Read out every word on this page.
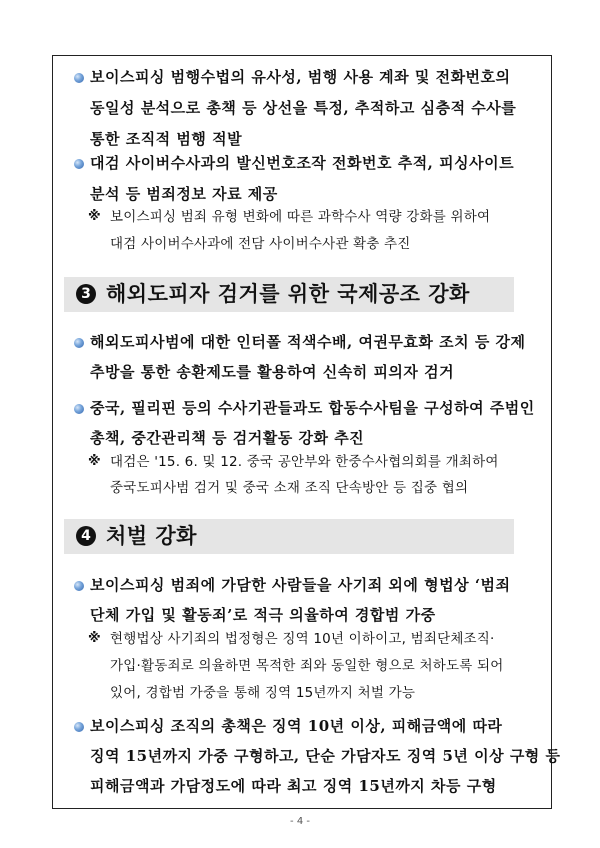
보이스피싱 범행수법의 유사성, 범행 사용 계좌 및 전화번호의
동일성 분석으로 총책 등 상선을 특정, 추적하고 심층적 수사를
통한 조직적 범행 적발
대검 사이버수사과의 발신번호조작 전화번호 추적, 피싱사이트
분석 등 범죄정보 자료 제공
※ 보이스피싱 범죄 유형 변화에 따른 과학수사 역량 강화를 위하여
대검 사이버수사과에 전담 사이버수사관 확충 추진
3 해외도피자 검거를 위한 국제공조 강화
해외도피사범에 대한 인터폴 적색수배, 여권무효화 조치 등 강제
추방을 통한 송환제도를 활용하여 신속히 피의자 검거
중국, 필리핀 등의 수사기관들과도 합동수사팀을 구성하여 주범인
총책, 중간관리책 등 검거활동 강화 추진
※ 대검은 '15. 6. 및 12. 중국 공안부와 한중수사협의회를 개최하여
중국도피사범 검거 및 중국 소재 조직 단속방안 등 집중 협의
4 처벌 강화
보이스피싱 범죄에 가담한 사람들을 사기죄 외에 형법상 ‘범죄
단체 가입 및 활동죄’로 적극 의율하여 경합범 가중
※ 현행법상 사기죄의 법정형은 징역 10년 이하이고, 범죄단체조직·
가입·활동죄로 의율하면 목적한 죄와 동일한 형으로 처하도록 되어
있어, 경합범 가중을 통해 징역 15년까지 처벌 가능
보이스피싱 조직의 총책은 징역 10년 이상, 피해금액에 따라
징역 15년까지 가중 구형하고, 단순 가담자도 징역 5년 이상 구형 등
피해금액과 가담정도에 따라 최고 징역 15년까지 차등 구형
- 4 -
